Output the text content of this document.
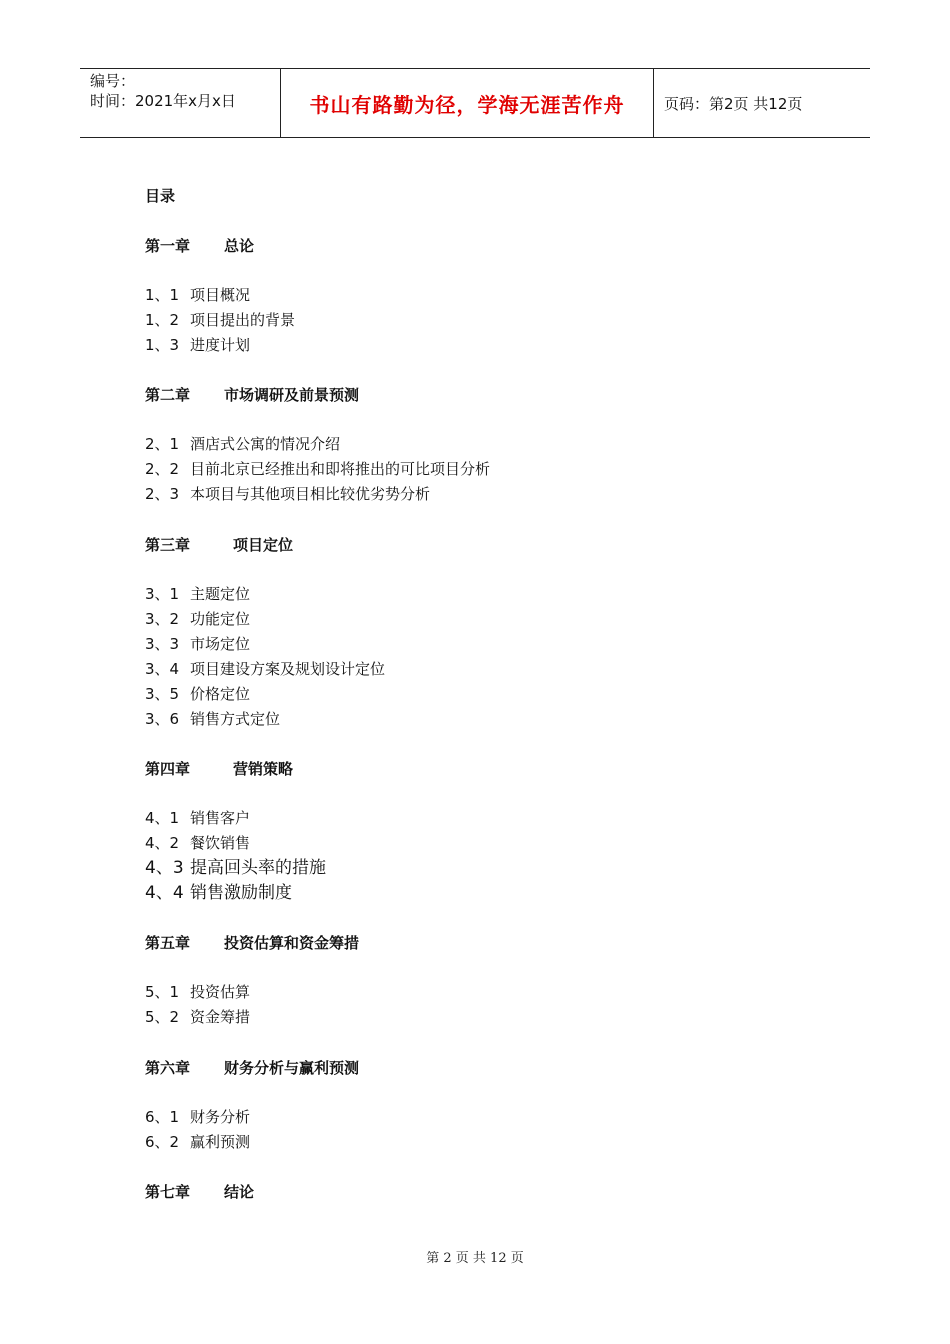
编号：
时间：2021年x月x日	书山有路勤为径，学海无涯苦作舟	页码：第2页 共12页
目录
第一章 总论
1、1 项目概况
1、2 项目提出的背景
1、3 进度计划
第二章 市场调研及前景预测
2、1 酒店式公寓的情况介绍
2、2 目前北京已经推出和即将推出的可比项目分析
2、3 本项目与其他项目相比较优劣势分析
第三章	项目定位
3、1 主题定位
3、2 功能定位
3、3 市场定位
3、4 项目建设方案及规划设计定位
3、5 价格定位
3、6 销售方式定位
第四章	营销策略
4、1 销售客户
4、2 餐饮销售
4、3 提高回头率的措施
4、4 销售激励制度
第五章 投资估算和资金筹措
5、1 投资估算
5、2 资金筹措
第六章 财务分析与赢利预测
6、1 财务分析
6、2 赢利预测
第七章 结论
第 2 页 共 12 页
